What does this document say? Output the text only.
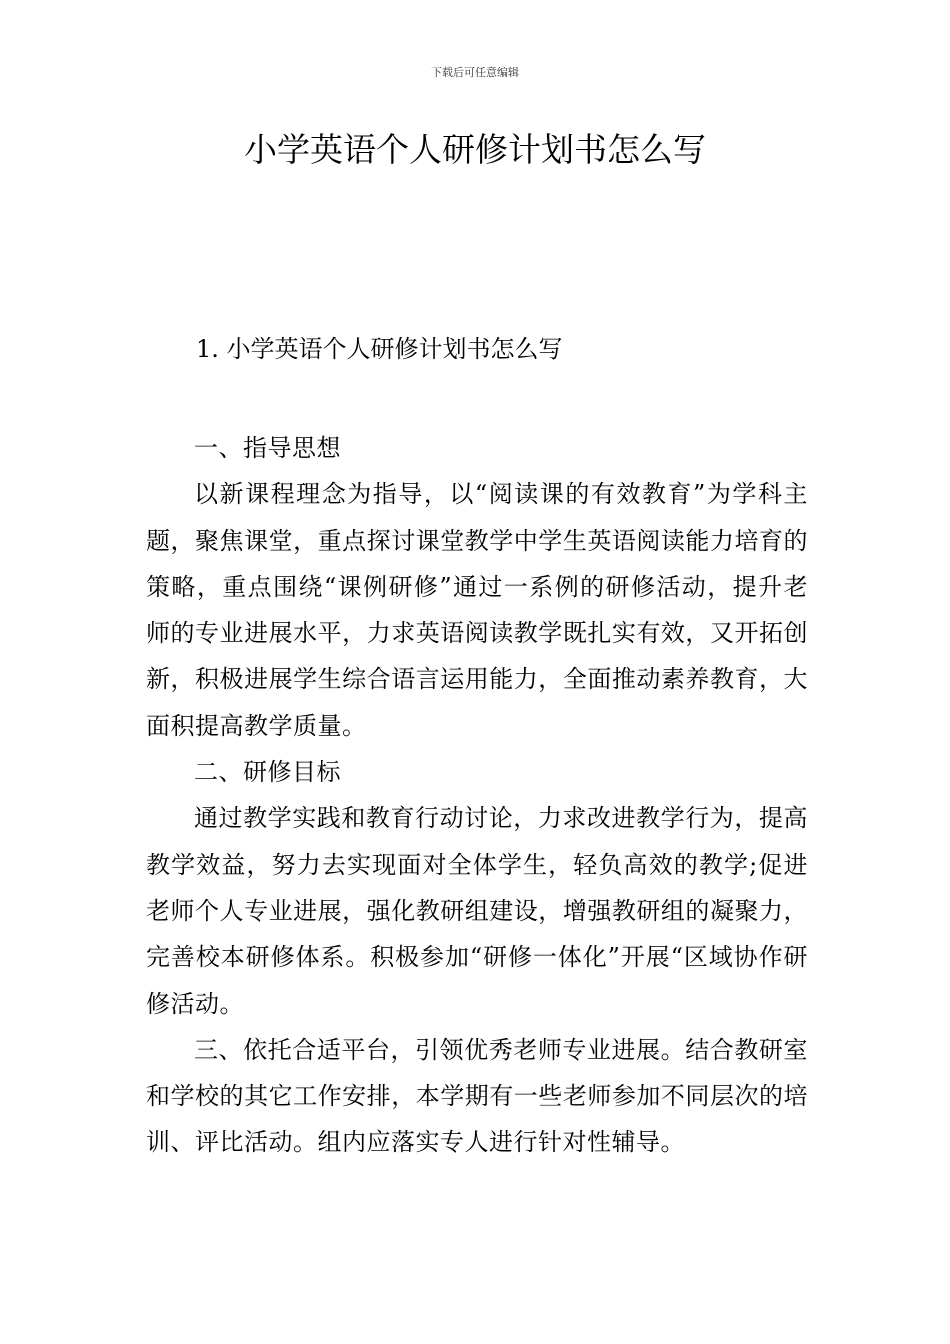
下载后可任意编辑
小学英语个人研修计划书怎么写

1. 小学英语个人研修计划书怎么写

一、指导思想

以新课程理念为指导，以“阅读课的有效教育”为学科主题，聚焦课堂，重点探讨课堂教学中学生英语阅读能力培育的策略，重点围绕“课例研修”通过一系例的研修活动，提升老师的专业进展水平，力求英语阅读教学既扎实有效，又开拓创新，积极进展学生综合语言运用能力，全面推动素养教育，大面积提高教学质量。

二、研修目标

通过教学实践和教育行动讨论，力求改进教学行为，提高教学效益，努力去实现面对全体学生，轻负高效的教学;促进老师个人专业进展，强化教研组建设，增强教研组的凝聚力，完善校本研修体系。积极参加“研修一体化”开展“区域协作研修活动。

三、依托合适平台，引领优秀老师专业进展。结合教研室和学校的其它工作安排，本学期有一些老师参加不同层次的培训、评比活动。组内应落实专人进行针对性辅导。
